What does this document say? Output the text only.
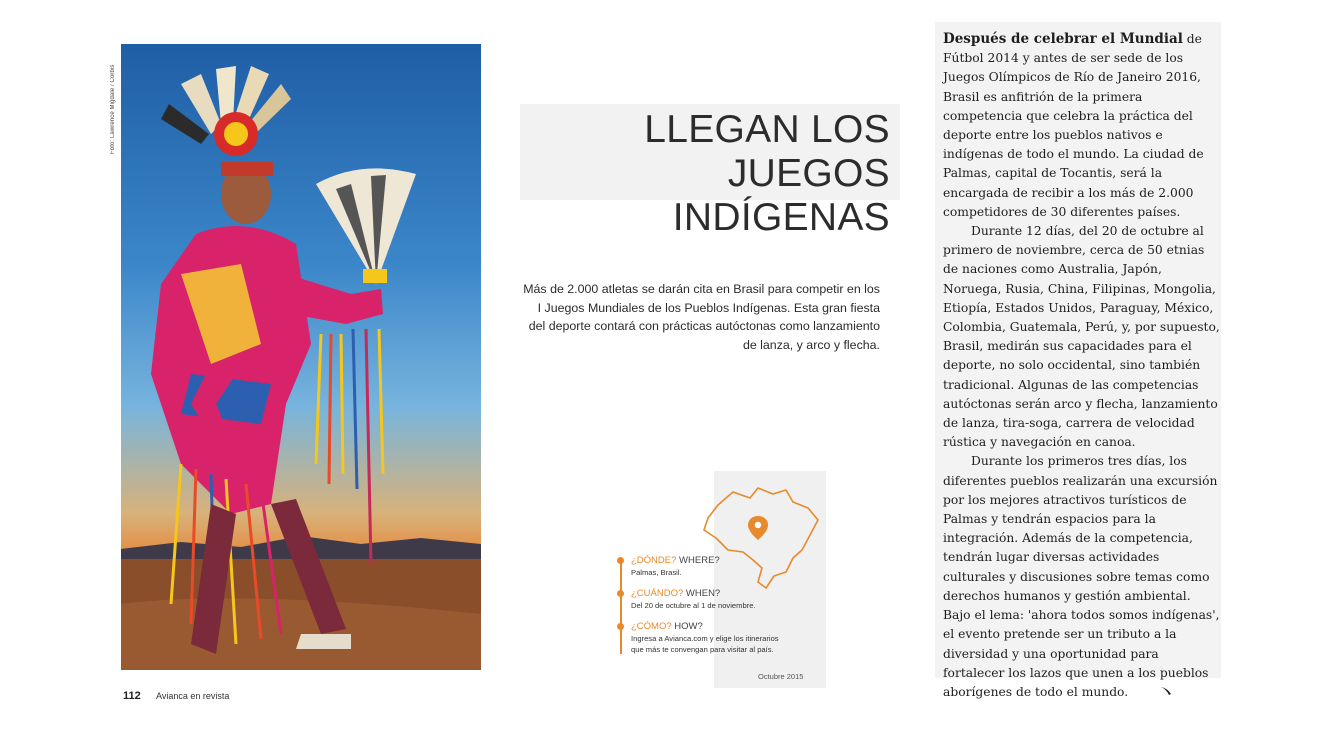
Foto: Lawrence Migdale / Corbis	LLEGAN LOS
JUEGOS INDÍGENAS
Más de 2.000 atletas se darán cita en Brasil para competir en los I Juegos Mundiales de los Pueblos Indígenas. Esta gran fiesta del deporte contará con prácticas autóctonas como lanzamiento de lanza, y arco y flecha.
¿DÓNDE? WHERE?
Palmas, Brasil.
¿CUÁNDO? WHEN?
Del 20 de octubre al 1 de noviembre.
¿CÓMO? HOW?
Ingresa a Avianca.com y elige los itinerarios
que más te convengan para visitar al país.
Octubre 2015
112 Avianca en revista

Después de celebrar el Mundial de Fútbol 2014 y antes de ser sede de los Juegos Olímpicos de Río de Janeiro 2016, Brasil es anfitrión de la primera competencia que celebra la práctica del deporte entre los pueblos nativos e indígenas de todo el mundo. La ciudad de Palmas, capital de Tocantis, será la encargada de recibir a los más de 2.000 competidores de 30 diferentes países.

Durante 12 días, del 20 de octubre al primero de noviembre, cerca de 50 etnias de naciones como Australia, Japón, Noruega, Rusia, China, Filipinas, Mongolia, Etiopía, Estados Unidos, Paraguay, México, Colombia, Guatemala, Perú, y, por supuesto, Brasil, medirán sus capacidades para el deporte, no solo occidental, sino también tradicional. Algunas de las competencias autóctonas serán arco y flecha, lanzamiento de lanza, tira-soga, carrera de velocidad rústica y navegación en canoa.

Durante los primeros tres días, los diferentes pueblos realizarán una excursión por los mejores atractivos turísticos de Palmas y tendrán espacios para la integración. Además de la competencia, tendrán lugar diversas actividades culturales y discusiones sobre temas como derechos humanos y gestión ambiental. Bajo el lema: 'ahora todos somos indígenas', el evento pretende ser un tributo a la diversidad y una oportunidad para fortalecer los lazos que unen a los pueblos aborígenes de todo el mundo.
